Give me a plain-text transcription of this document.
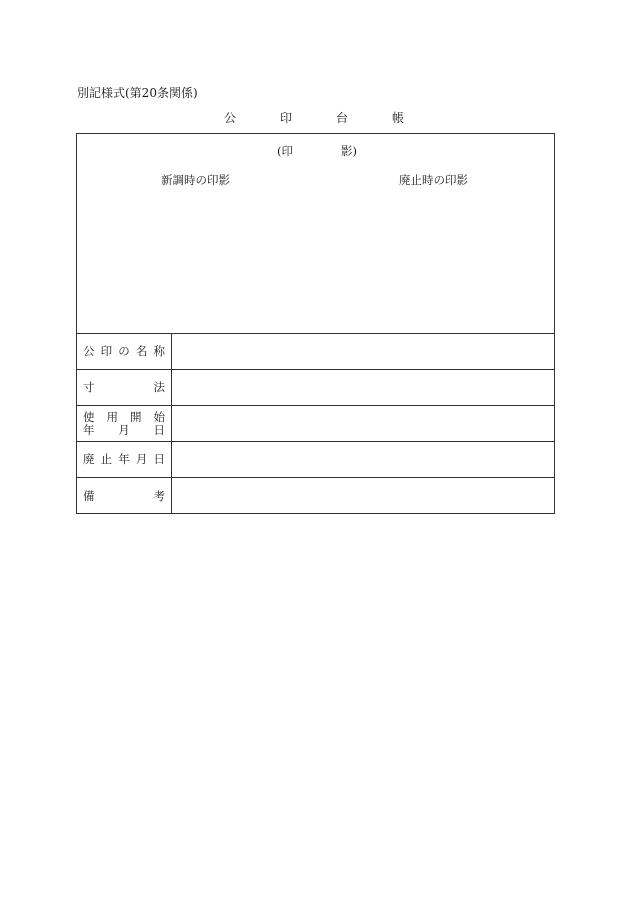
別記様式(第20条関係)
公	印	台	帳
(印	影)
新調時の印影	廃止時の印影
公 印 の 名 称
寸	法
使 用 開 始
年 月 日
廃 止 年 月 日
備	考
